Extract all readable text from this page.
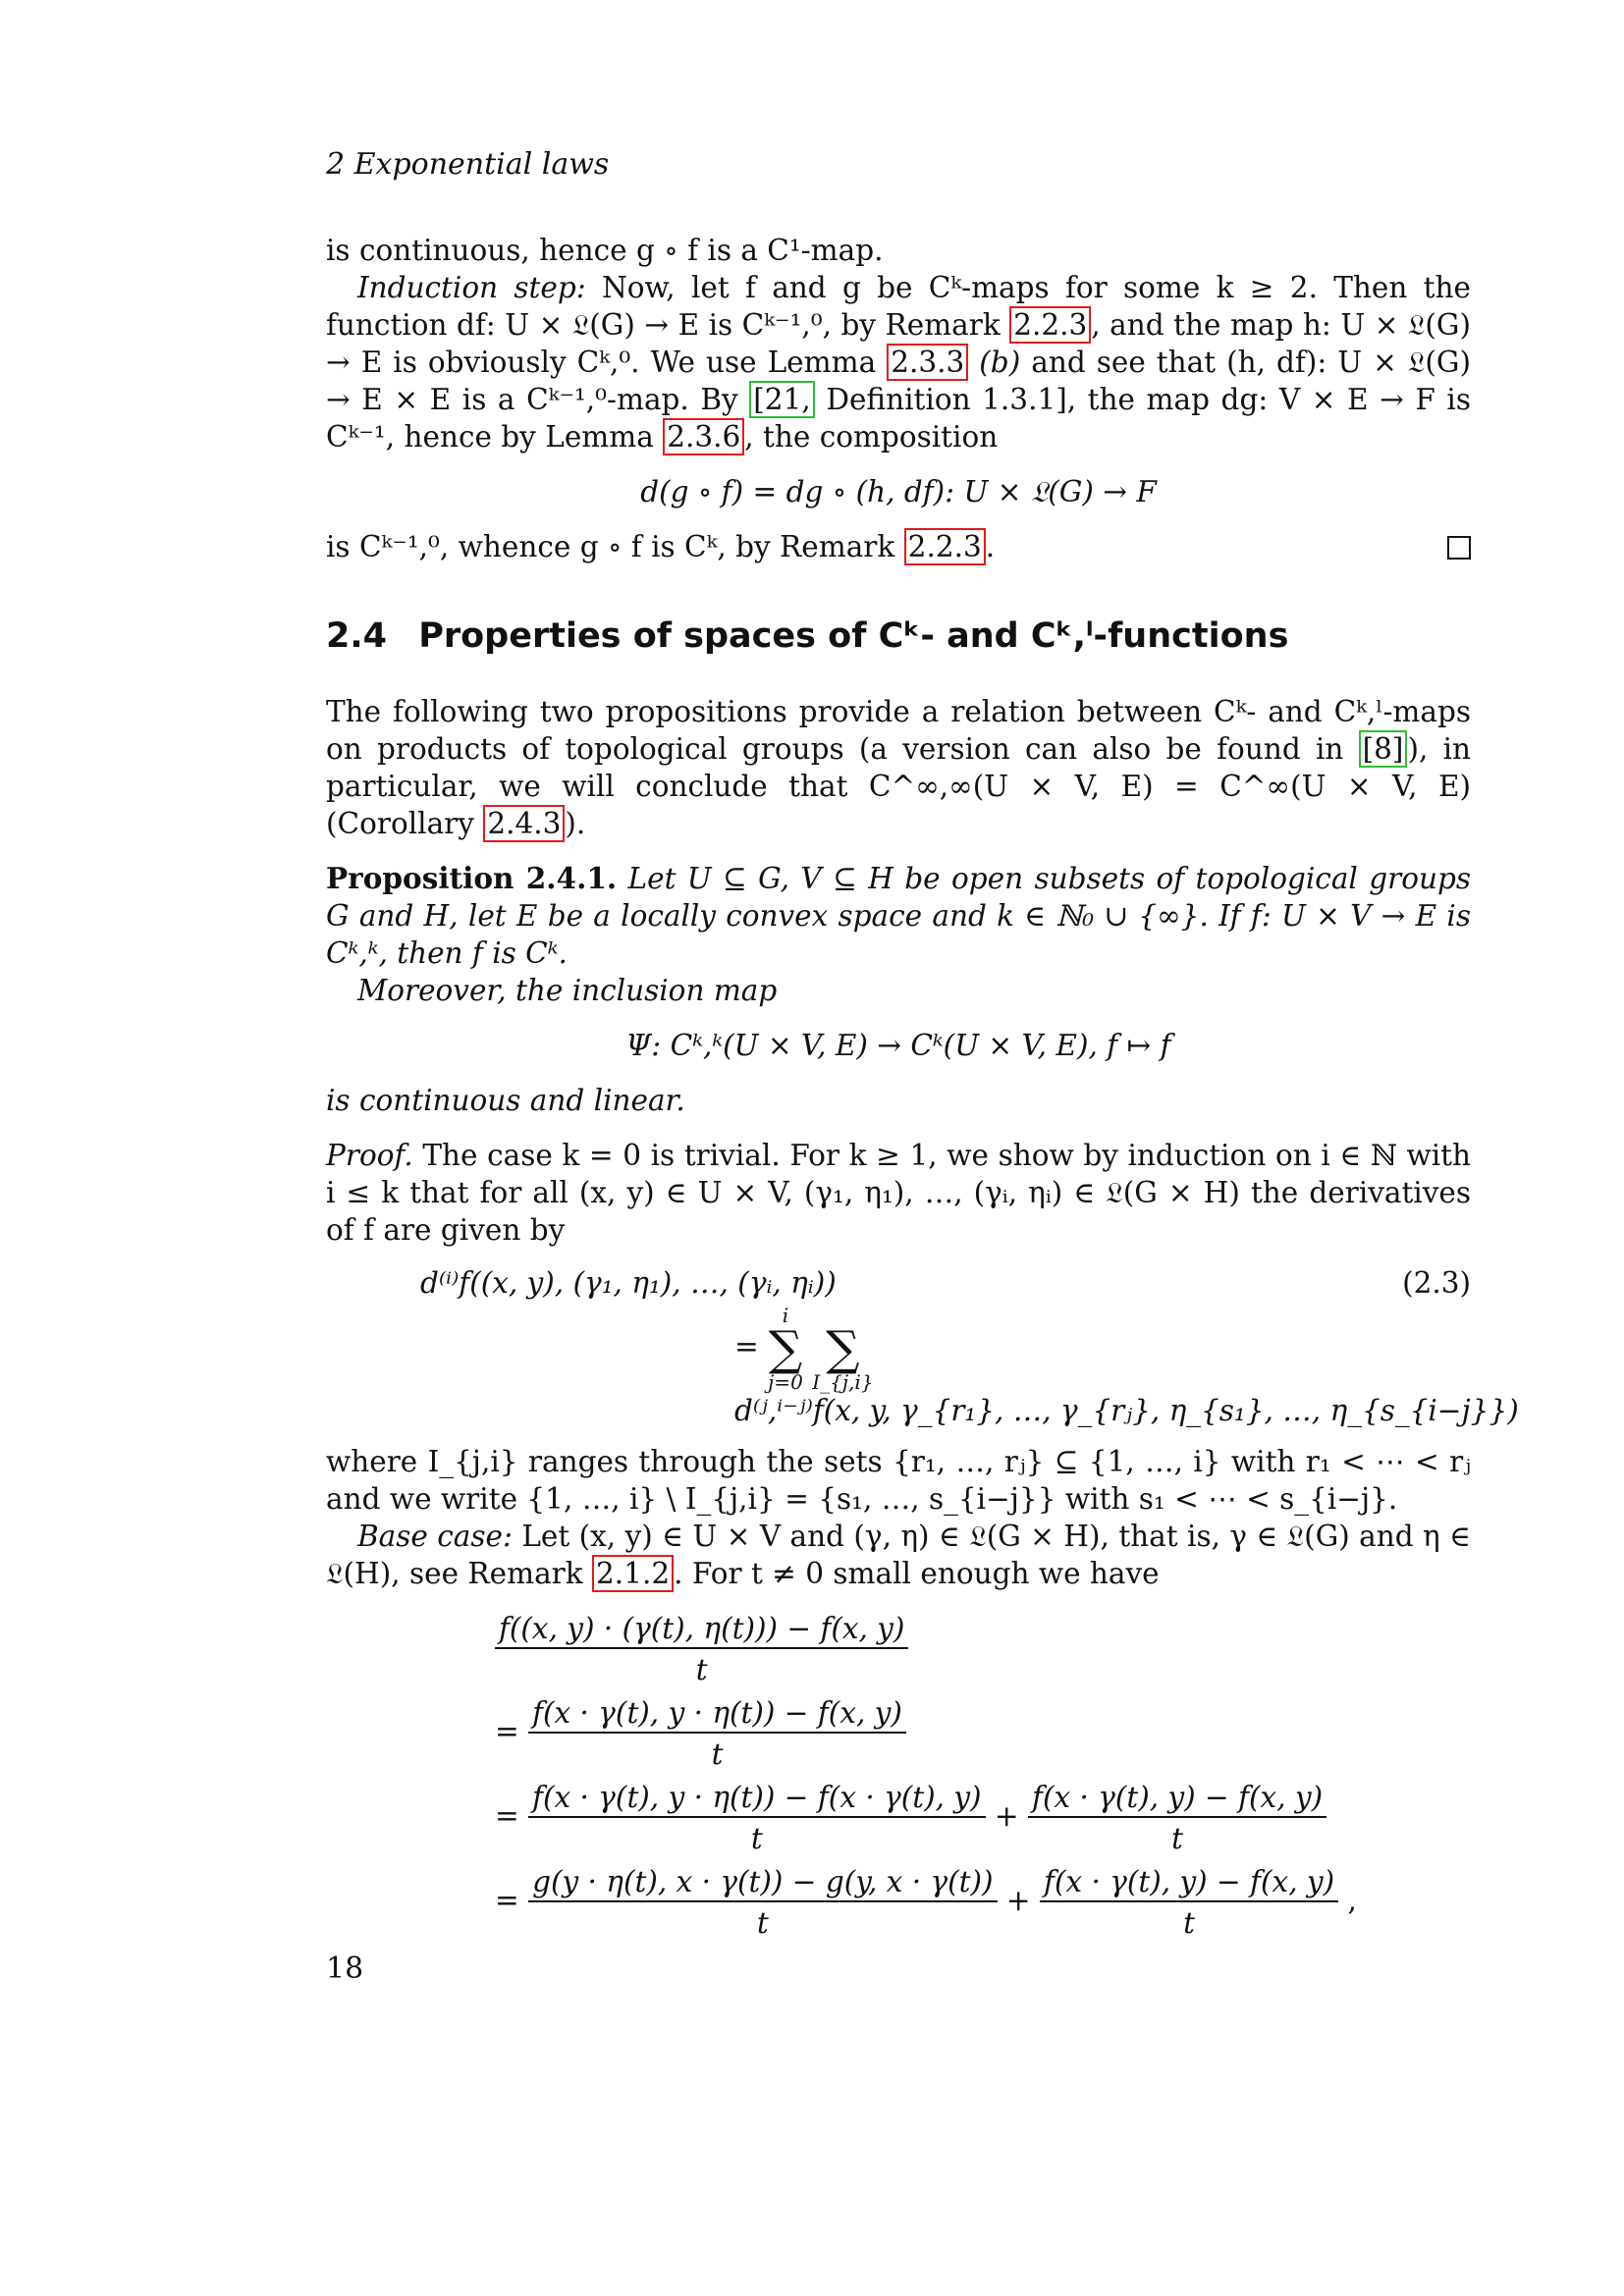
2 Exponential laws

is continuous, hence g ∘ f is a C¹-map.

Induction step: Now, let f and g be Cᵏ-maps for some k ≥ 2. Then the function df: U × 𝔏(G) → E is Cᵏ⁻¹,⁰, by Remark 2.2.3 , and the map h: U × 𝔏(G) → E is obviously Cᵏ,⁰. We use Lemma 2.3.3 (b) and see that (h, df): U × 𝔏(G) → E × E is a Cᵏ⁻¹,⁰-map. By [21, Definition 1.3.1], the map dg: V × E → F is Cᵏ⁻¹, hence by Lemma 2.3.6 , the composition

d(g ∘ f) = dg ∘ (h, df): U × 𝔏(G) → F

is Cᵏ⁻¹,⁰, whence g ∘ f is Cᵏ, by Remark 2.2.3 .

2.4 Properties of spaces of Cᵏ- and Cᵏ,ˡ-functions

The following two propositions provide a relation between Cᵏ- and Cᵏ,ˡ-maps on products of topological groups (a version can also be found in [8] ), in particular, we will conclude that C^∞,∞(U × V, E) = C^∞(U × V, E) (Corollary 2.4.3 ).

Proposition 2.4.1. Let U ⊆ G, V ⊆ H be open subsets of topological groups G and H, let E be a locally convex space and k ∈ ℕ₀ ∪ {∞}. If f: U × V → E is Cᵏ,ᵏ, then f is Cᵏ.

Moreover, the inclusion map

Ψ: Cᵏ,ᵏ(U × V, E) → Cᵏ(U × V, E), f ↦ f

is continuous and linear.

Proof. The case k = 0 is trivial. For k ≥ 1, we show by induction on i ∈ ℕ with i ≤ k that for all (x, y) ∈ U × V, (γ₁, η₁), …, (γᵢ, ηᵢ) ∈ 𝔏(G × H) the derivatives of f are given by

d⁽ⁱ⁾f((x, y), (γ₁, η₁), …, (γᵢ, ηᵢ))	(2.3)
=
i
∑
j=0

∑
I_{j,i}
d⁽ʲ,ⁱ⁻ʲ⁾f(x, y, γ_{r₁}, …, γ_{rⱼ}, η_{s₁}, …, η_{s_{i−j}})

where I_{j,i} ranges through the sets {r₁, …, rⱼ} ⊆ {1, …, i} with r₁ < ⋯ < rⱼ and we write {1, …, i} \ I_{j,i} = {s₁, …, s_{i−j}} with s₁ < ⋯ < s_{i−j}.

Base case: Let (x, y) ∈ U × V and (γ, η) ∈ 𝔏(G × H), that is, γ ∈ 𝔏(G) and η ∈ 𝔏(H), see Remark 2.1.2 . For t ≠ 0 small enough we have

$\frac{f((x, y) \cdot (\gamma(t), \eta(t))) - f(x, y)}{t}$
= $\frac{f(x \cdot \gamma(t), y \cdot \eta(t)) - f(x, y)}{t}$
= $\frac{f(x \cdot \gamma(t), y \cdot \eta(t)) - f(x \cdot \gamma(t), y)}{t} + \frac{f(x \cdot \gamma(t), y) - f(x, y)}{t}$
= $\frac{g(y \cdot \eta(t), x \cdot \gamma(t)) - g(y, x \cdot \gamma(t))}{t} + \frac{f(x \cdot \gamma(t), y) - f(x, y)}{t}$ ,
18
